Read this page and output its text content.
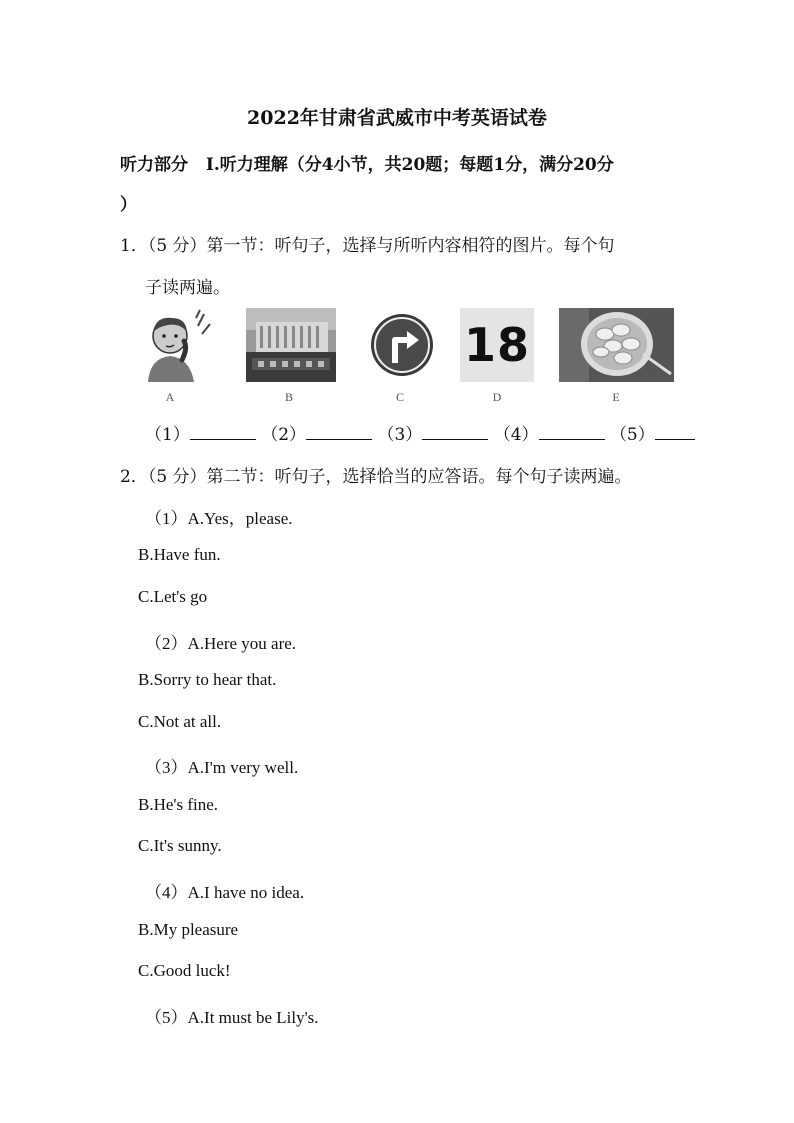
2022年甘肃省武威市中考英语试卷
听力部分 Ⅰ.听力理解（分4小节，共20题；每题1分，满分20分
）
1．（5 分）第一节：听句子，选择与所听内容相符的图片。每个句
子读两遍。
A	B	C
18
D	E
（1）	（2）	（3）	（4）	（5）
2．（5 分）第二节：听句子，选择恰当的应答语。每个句子读两遍。
（1）A.Yes，please.
B.Have fun.
C.Let's go
（2）A.Here you are.
B.Sorry to hear that.
C.Not at all.
（3）A.I'm very well.
B.He's fine.
C.It's sunny.
（4）A.I have no idea.
B.My pleasure
C.Good luck!
（5）A.It must be Lily's.
